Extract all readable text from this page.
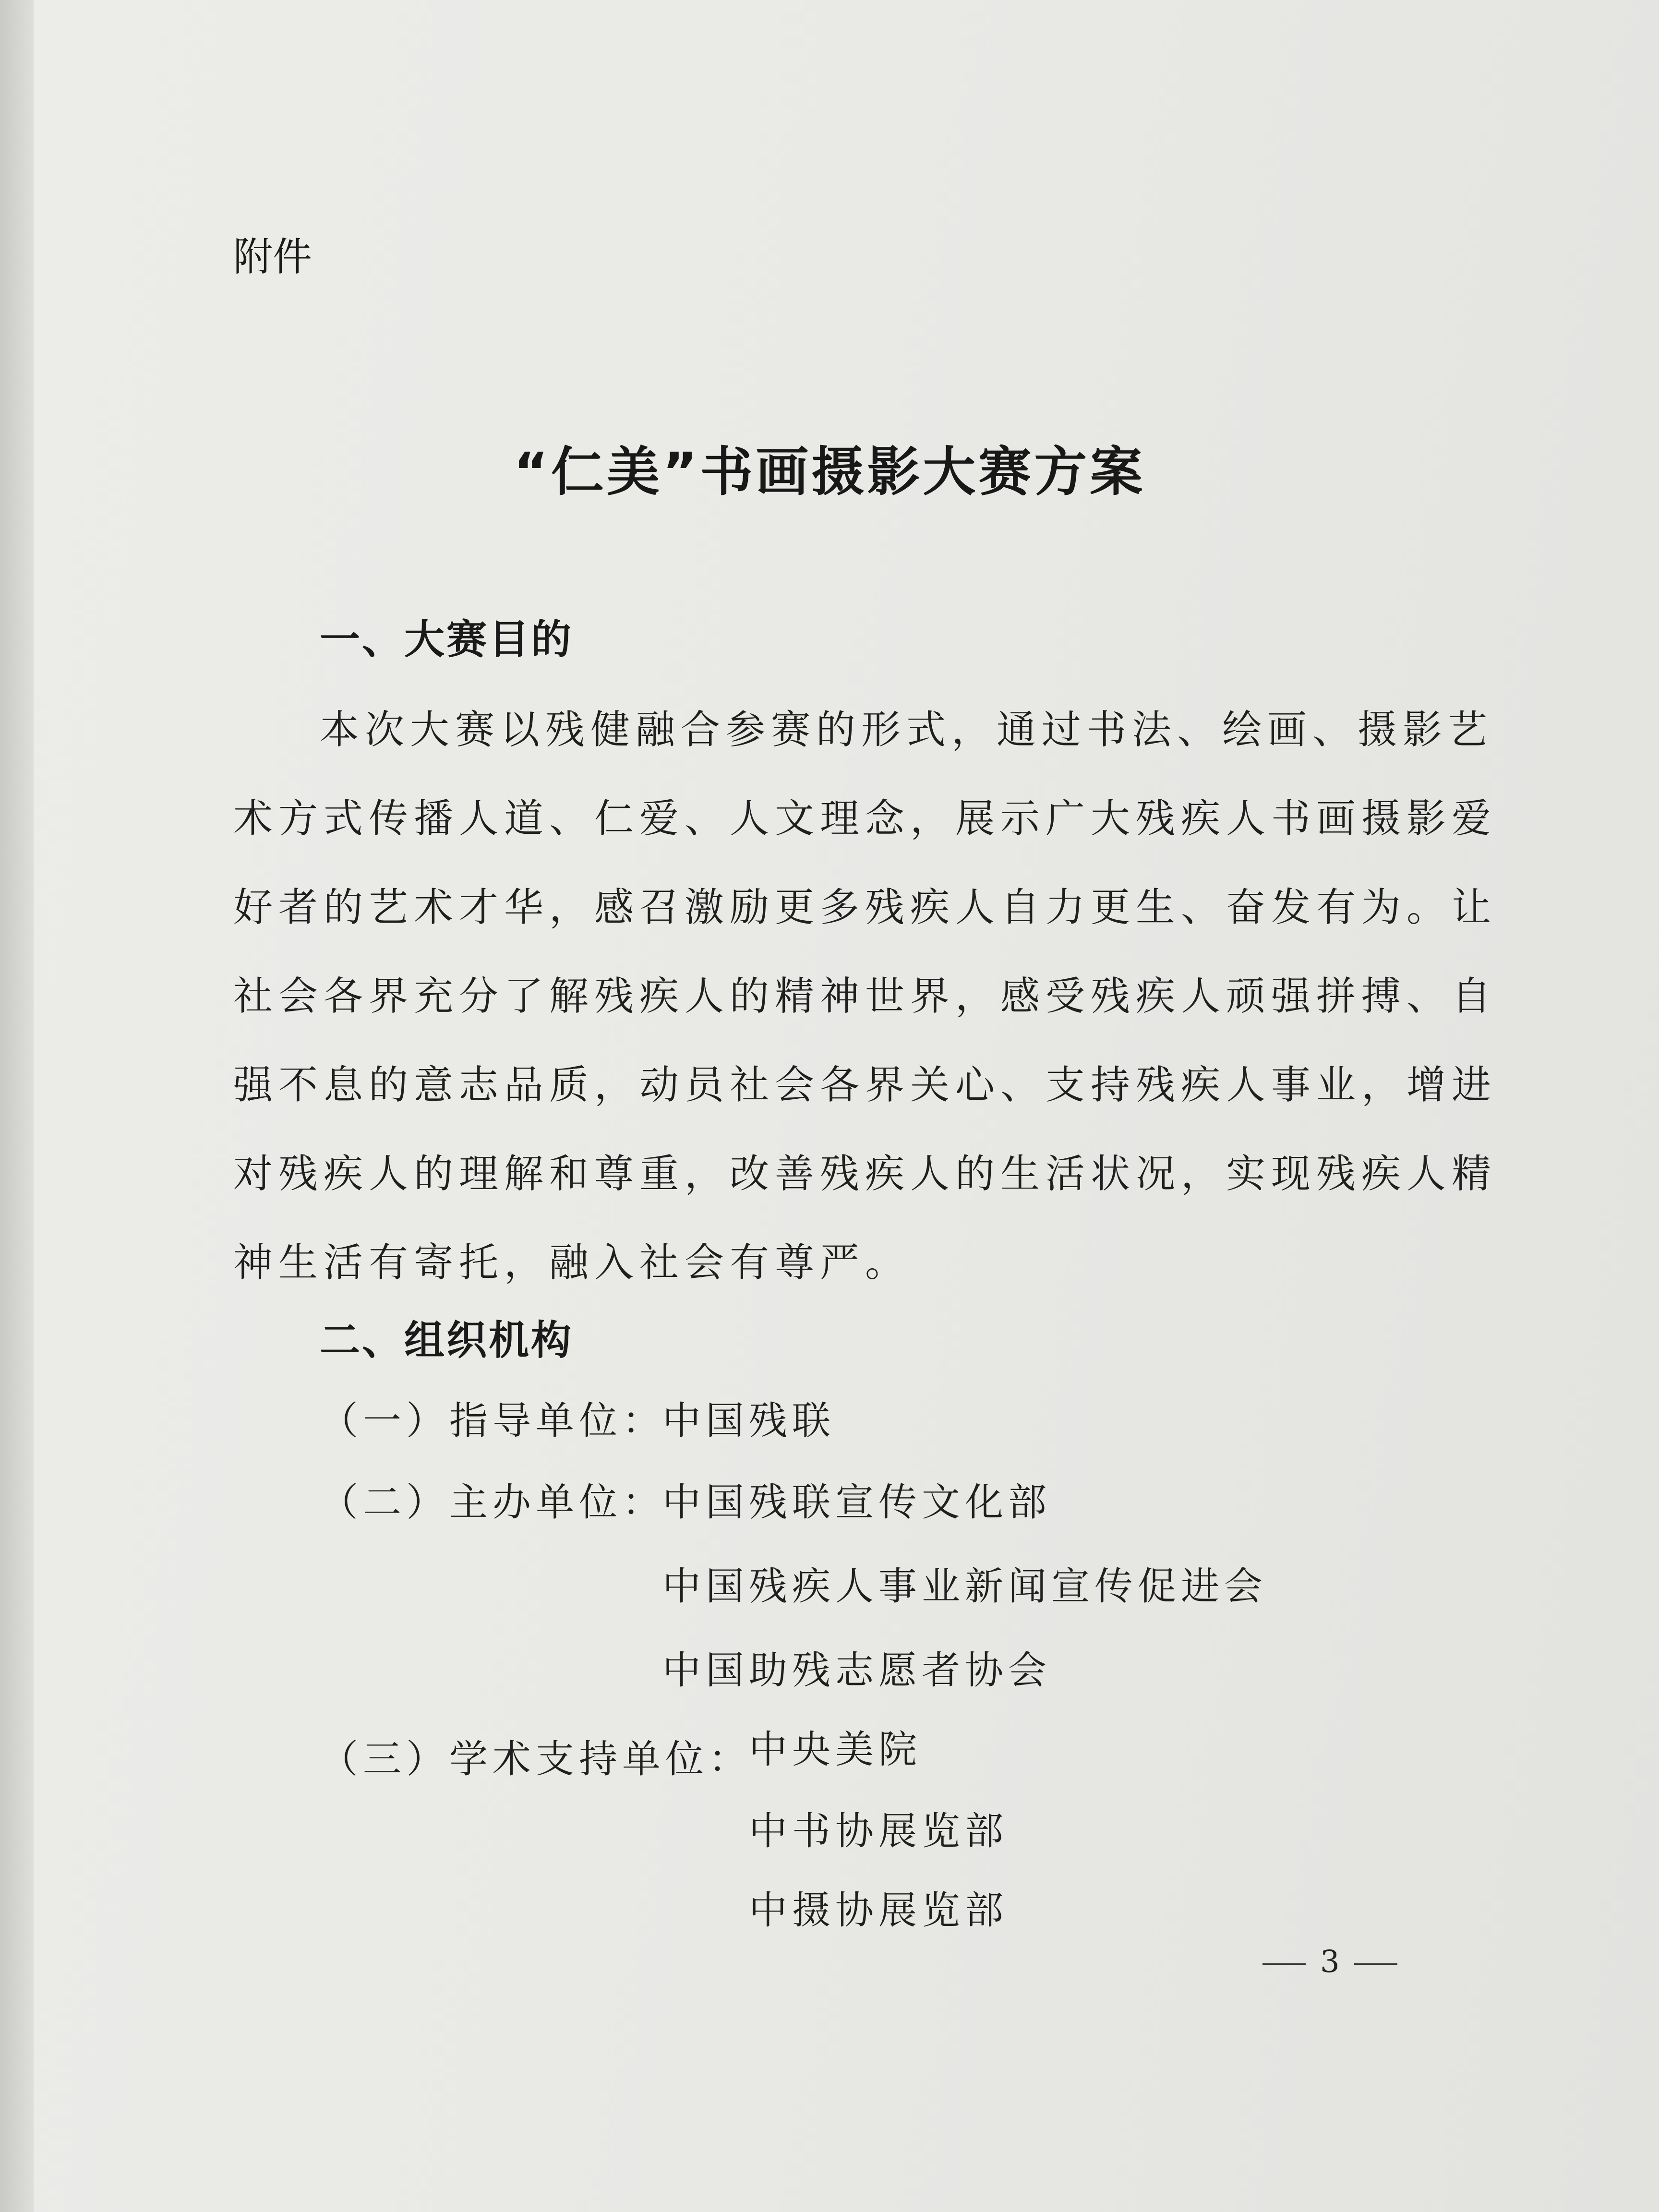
附件
“仁美”书画摄影大赛方案
一、大赛目的
本次大赛以残健融合参赛的形式，通过书法、绘画、摄影艺
术方式传播人道、仁爱、人文理念，展示广大残疾人书画摄影爱
好者的艺术才华，感召激励更多残疾人自力更生、奋发有为。让
社会各界充分了解残疾人的精神世界，感受残疾人顽强拼搏、自
强不息的意志品质，动员社会各界关心、支持残疾人事业，增进
对残疾人的理解和尊重，改善残疾人的生活状况，实现残疾人精
神生活有寄托，融入社会有尊严。
二、组织机构
（一）指导单位：
中国残联
（二）主办单位：
中国残联宣传文化部
中国残疾人事业新闻宣传促进会
中国助残志愿者协会
（三）学术支持单位：
中央美院
中书协展览部
中摄协展览部
3
